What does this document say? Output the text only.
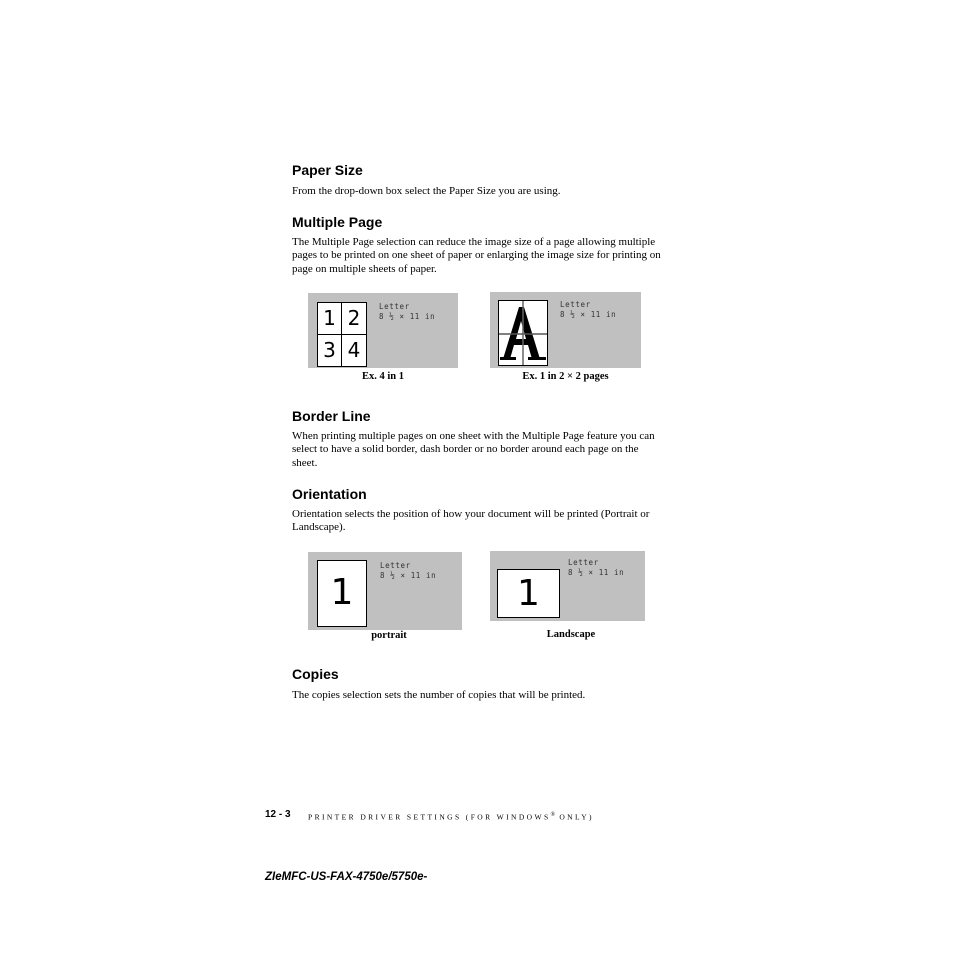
Paper Size

From the drop-down box select the Paper Size you are using.

Multiple Page

The Multiple Page selection can reduce the image size of a page allowing multiple pages to be printed on one sheet of paper or enlarging the image size for printing on page on multiple sheets of paper.

1 2
3 4
Letter
8 ½ × 11 in
Ex. 4 in 1
Letter
8 ½ × 11 in
Ex. 1 in 2 × 2 pages
Border Line

When printing multiple pages on one sheet with the Multiple Page feature you can select to have a solid border, dash border or no border around each page on the sheet.

Orientation

Orientation selects the position of how your document will be printed (Portrait or Landscape).

1
Letter
8 ½ × 11 in
portrait
1
Letter
8 ½ × 11 in
Landscape
Copies

The copies selection sets the number of copies that will be printed.

12 - 3 PRINTER DRIVER SETTINGS (FOR WINDOWS® ONLY)
ZIeMFC-US-FAX-4750e/5750e-
